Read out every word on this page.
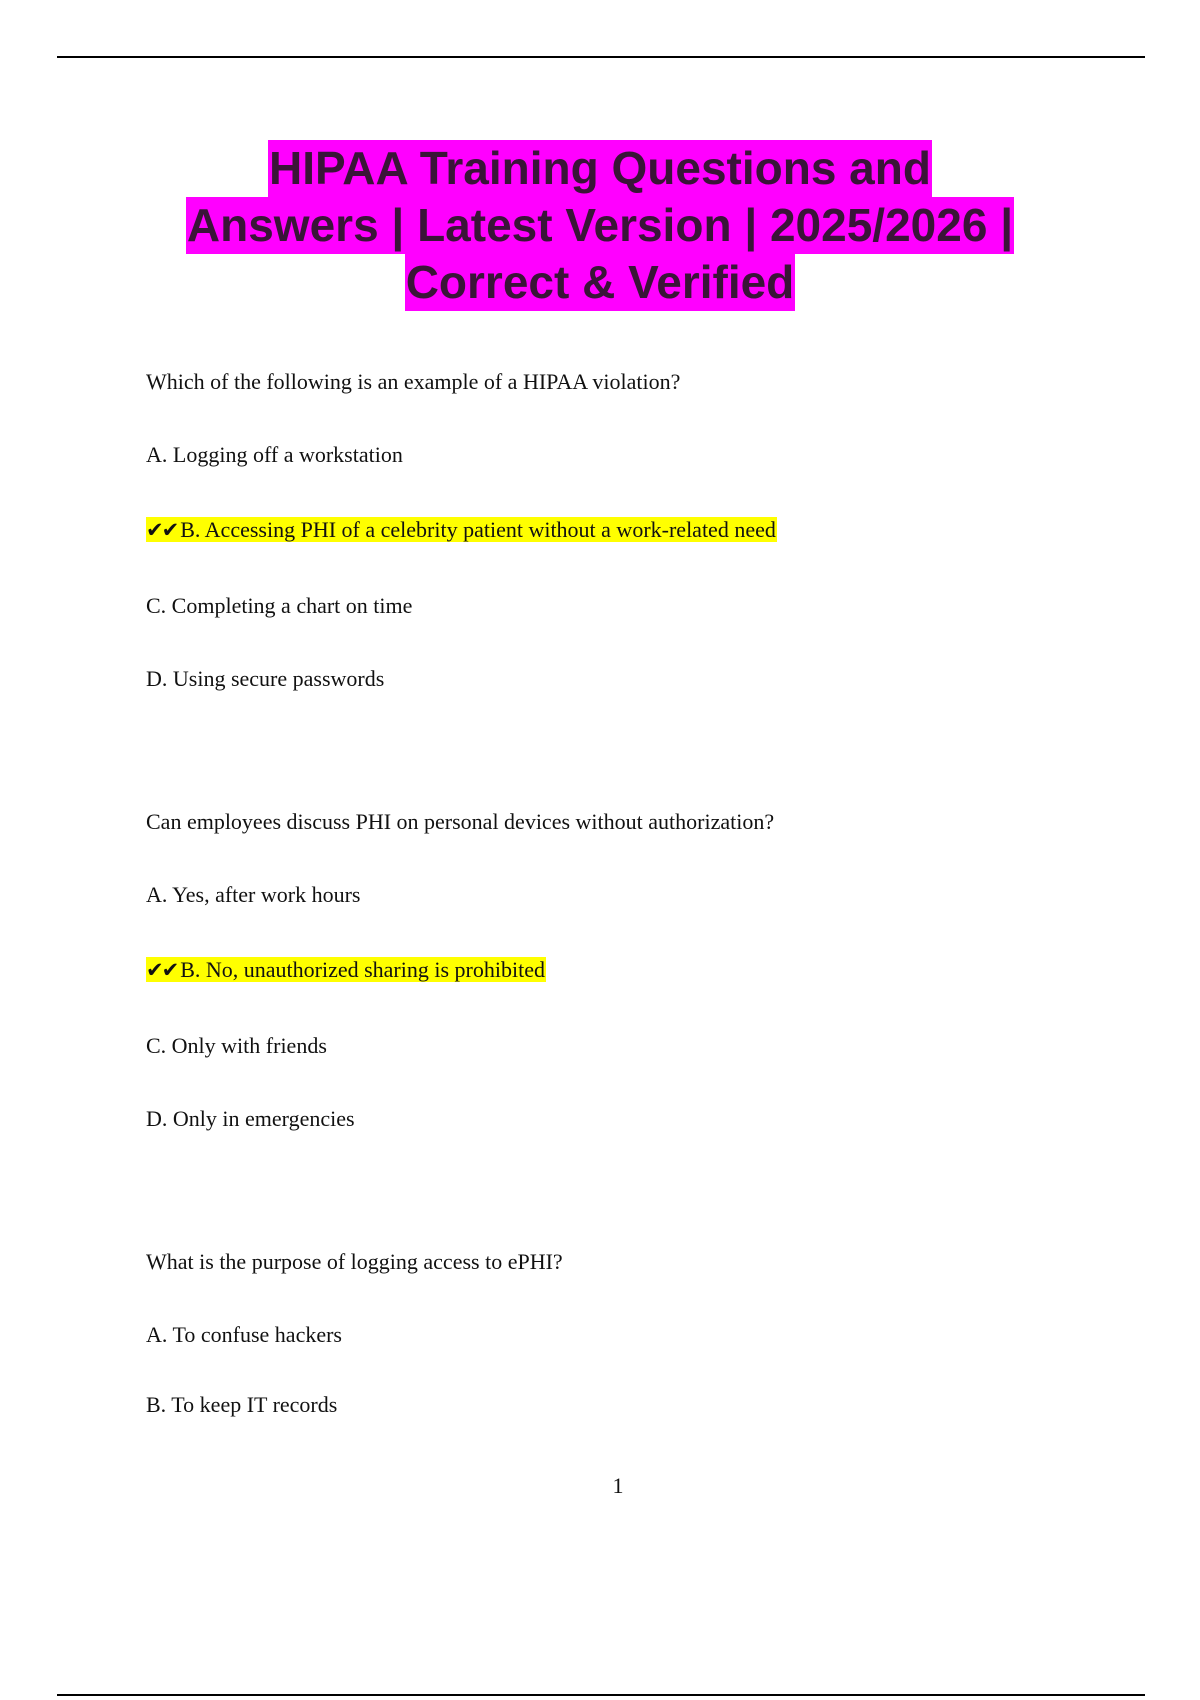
HIPAA Training Questions and
Answers | Latest Version | 2025/2026 |
Correct & Verified
Which of the following is an example of a HIPAA violation?
A. Logging off a workstation
✔✔ B. Accessing PHI of a celebrity patient without a work-related need
C. Completing a chart on time
D. Using secure passwords
Can employees discuss PHI on personal devices without authorization?
A. Yes, after work hours
✔✔ B. No, unauthorized sharing is prohibited
C. Only with friends
D. Only in emergencies
What is the purpose of logging access to ePHI?
A. To confuse hackers
B. To keep IT records
1
